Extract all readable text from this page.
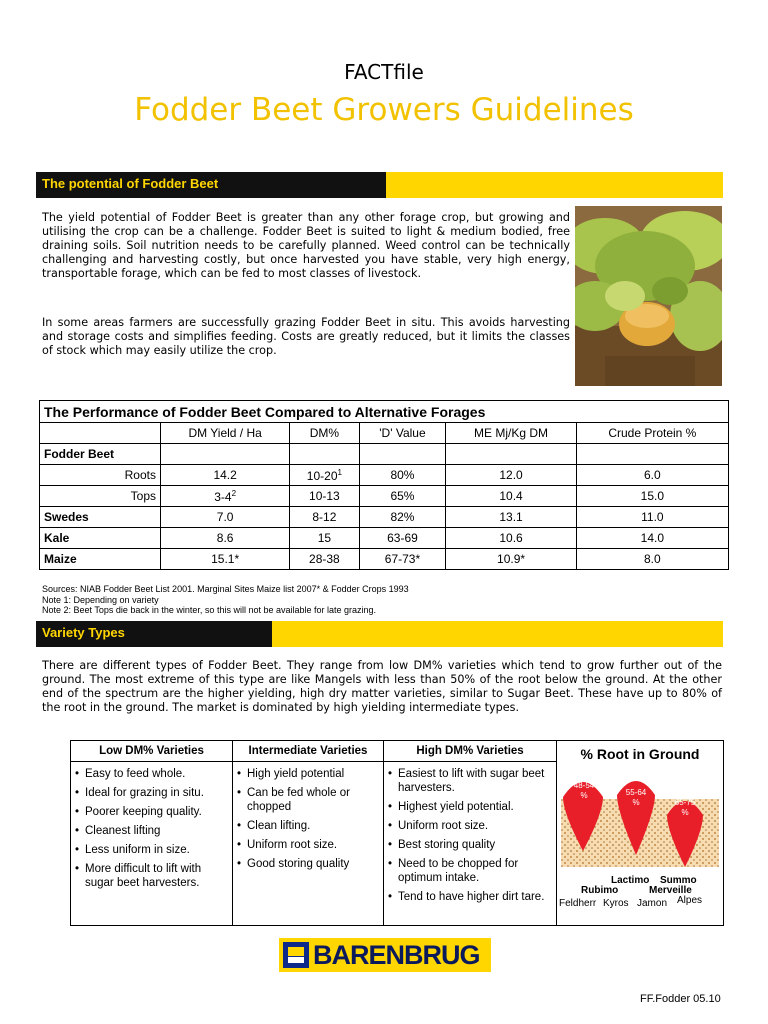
FACTfile
Fodder Beet Growers Guidelines
The potential of Fodder Beet
The yield potential of Fodder Beet is greater than any other forage crop, but growing and utilising the crop can be a challenge. Fodder Beet is suited to light & medium bodied, free draining soils. Soil nutrition needs to be carefully planned. Weed control can be technically challenging and harvesting costly, but once harvested you have stable, very high energy, transportable forage, which can be fed to most classes of livestock.
In some areas farmers are successfully grazing Fodder Beet in situ. This avoids harvesting and storage costs and simplifies feeding. Costs are greatly reduced, but it limits the classes of stock which may easily utilize the crop.
The Performance of Fodder Beet Compared to Alternative Forages					
	DM Yield / Ha	DM%	'D' Value	ME Mj/Kg DM	Crude Protein %
Fodder Beet					
Roots	14.2	$10-20^1$	80%	12.0	6.0
Tops	$3-4^2$	10-13	65%	10.4	15.0
Swedes	7.0	8-12	82%	13.1	11.0
Kale	8.6	15	63-69	10.6	14.0
Maize	15.1*	28-38	67-73*	10.9*	8.0
Sources: NIAB Fodder Beet List 2001. Marginal Sites Maize list 2007* & Fodder Crops 1993
Note 1: Depending on variety
Note 2: Beet Tops die back in the winter, so this will not be available for late grazing.
Variety Types
There are different types of Fodder Beet. They range from low DM% varieties which tend to grow further out of the ground. The most extreme of this type are like Mangels with less than 50% of the root below the ground. At the other end of the spectrum are the higher yielding, high dry matter varieties, similar to Sugar Beet. These have up to 80% of the root in the ground. The market is dominated by high yielding intermediate types.
Low DM% Varieties
• Easy to feed whole.
• Ideal for grazing in situ.
• Poorer keeping quality.
• Cleanest lifting
• Less uniform in size.
• More difficult to lift with sugar beet harvesters.
Intermediate Varieties
• High yield potential
• Can be fed whole or chopped
• Clean lifting.
• Uniform root size.
• Good storing quality
High DM% Varieties
• Easiest to lift with sugar beet harvesters.
• Highest yield potential.
• Uniform root size.
• Best storing quality
• Need to be chopped for optimum intake.
• Tend to have higher dirt tare.
% Root in Ground
48-54
%	55-64
%	65-75
%
Lactimo Summo
Rubimo	Merveille
Feldherr Kyros Jamon Alpes
BARENBRUG
FF.Fodder 05.10
